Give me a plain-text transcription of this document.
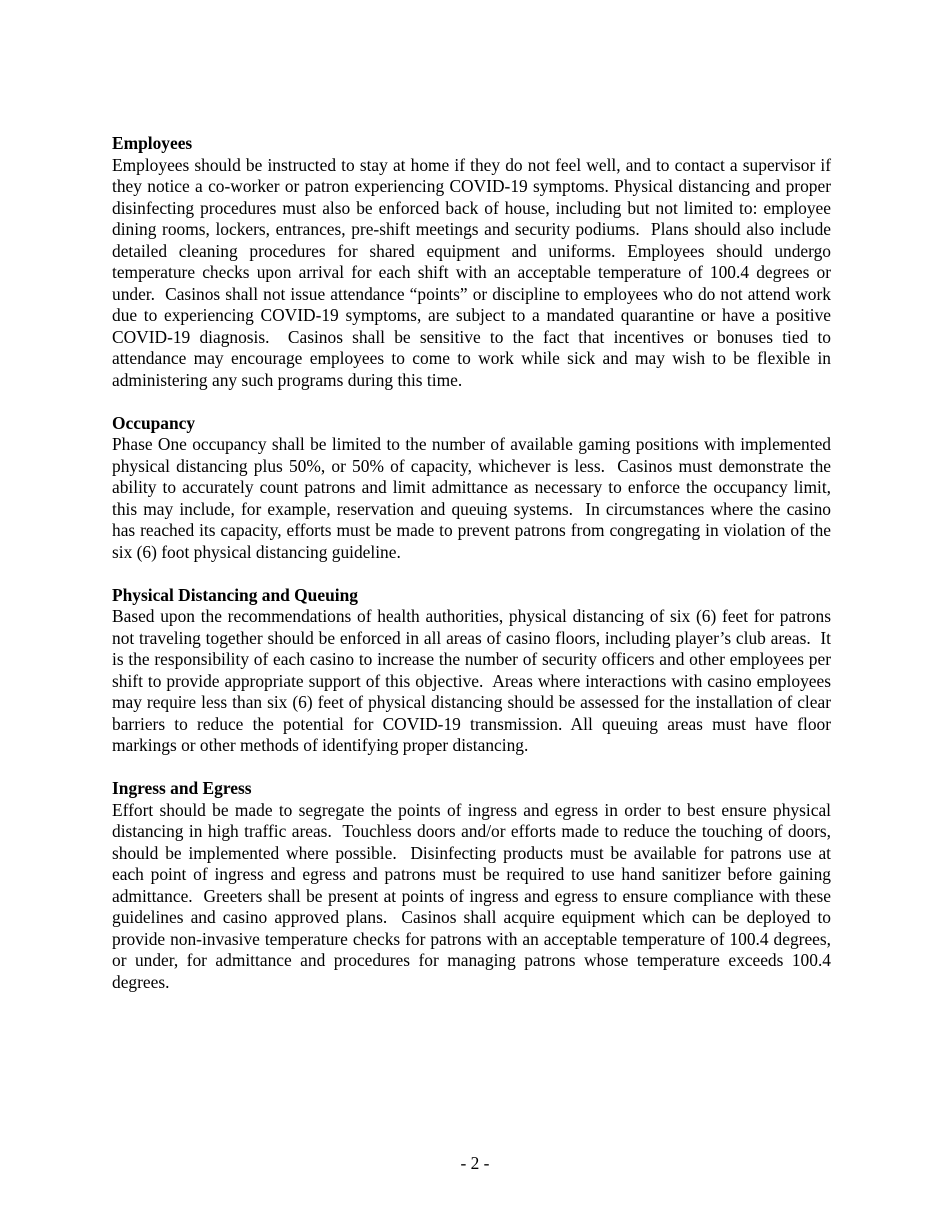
Employees

Employees should be instructed to stay at home if they do not feel well, and to contact a supervisor if they notice a co-worker or patron experiencing COVID-19 symptoms. Physical distancing and proper disinfecting procedures must also be enforced back of house, including but not limited to: employee dining rooms, lockers, entrances, pre-shift meetings and security podiums.  Plans should also include detailed cleaning procedures for shared equipment and uniforms. Employees should undergo temperature checks upon arrival for each shift with an acceptable temperature of 100.4 degrees or under.  Casinos shall not issue attendance “points” or discipline to employees who do not attend work due to experiencing COVID-19 symptoms, are subject to a mandated quarantine or have a positive COVID-19 diagnosis.  Casinos shall be sensitive to the fact that incentives or bonuses tied to attendance may encourage employees to come to work while sick and may wish to be flexible in administering any such programs during this time.

Occupancy

Phase One occupancy shall be limited to the number of available gaming positions with implemented physical distancing plus 50%, or 50% of capacity, whichever is less.  Casinos must demonstrate the ability to accurately count patrons and limit admittance as necessary to enforce the occupancy limit, this may include, for example, reservation and queuing systems.  In circumstances where the casino has reached its capacity, efforts must be made to prevent patrons from congregating in violation of the six (6) foot physical distancing guideline.

Physical Distancing and Queuing

Based upon the recommendations of health authorities, physical distancing of six (6) feet for patrons not traveling together should be enforced in all areas of casino floors, including player’s club areas.  It is the responsibility of each casino to increase the number of security officers and other employees per shift to provide appropriate support of this objective.  Areas where interactions with casino employees may require less than six (6) feet of physical distancing should be assessed for the installation of clear barriers to reduce the potential for COVID-19 transmission. All queuing areas must have floor markings or other methods of identifying proper distancing.

Ingress and Egress

Effort should be made to segregate the points of ingress and egress in order to best ensure physical distancing in high traffic areas.  Touchless doors and/or efforts made to reduce the touching of doors, should be implemented where possible.  Disinfecting products must be available for patrons use at each point of ingress and egress and patrons must be required to use hand sanitizer before gaining admittance.  Greeters shall be present at points of ingress and egress to ensure compliance with these guidelines and casino approved plans.  Casinos shall acquire equipment which can be deployed to provide non-invasive temperature checks for patrons with an acceptable temperature of 100.4 degrees, or under, for admittance and procedures for managing patrons whose temperature exceeds 100.4 degrees.

- 2 -
